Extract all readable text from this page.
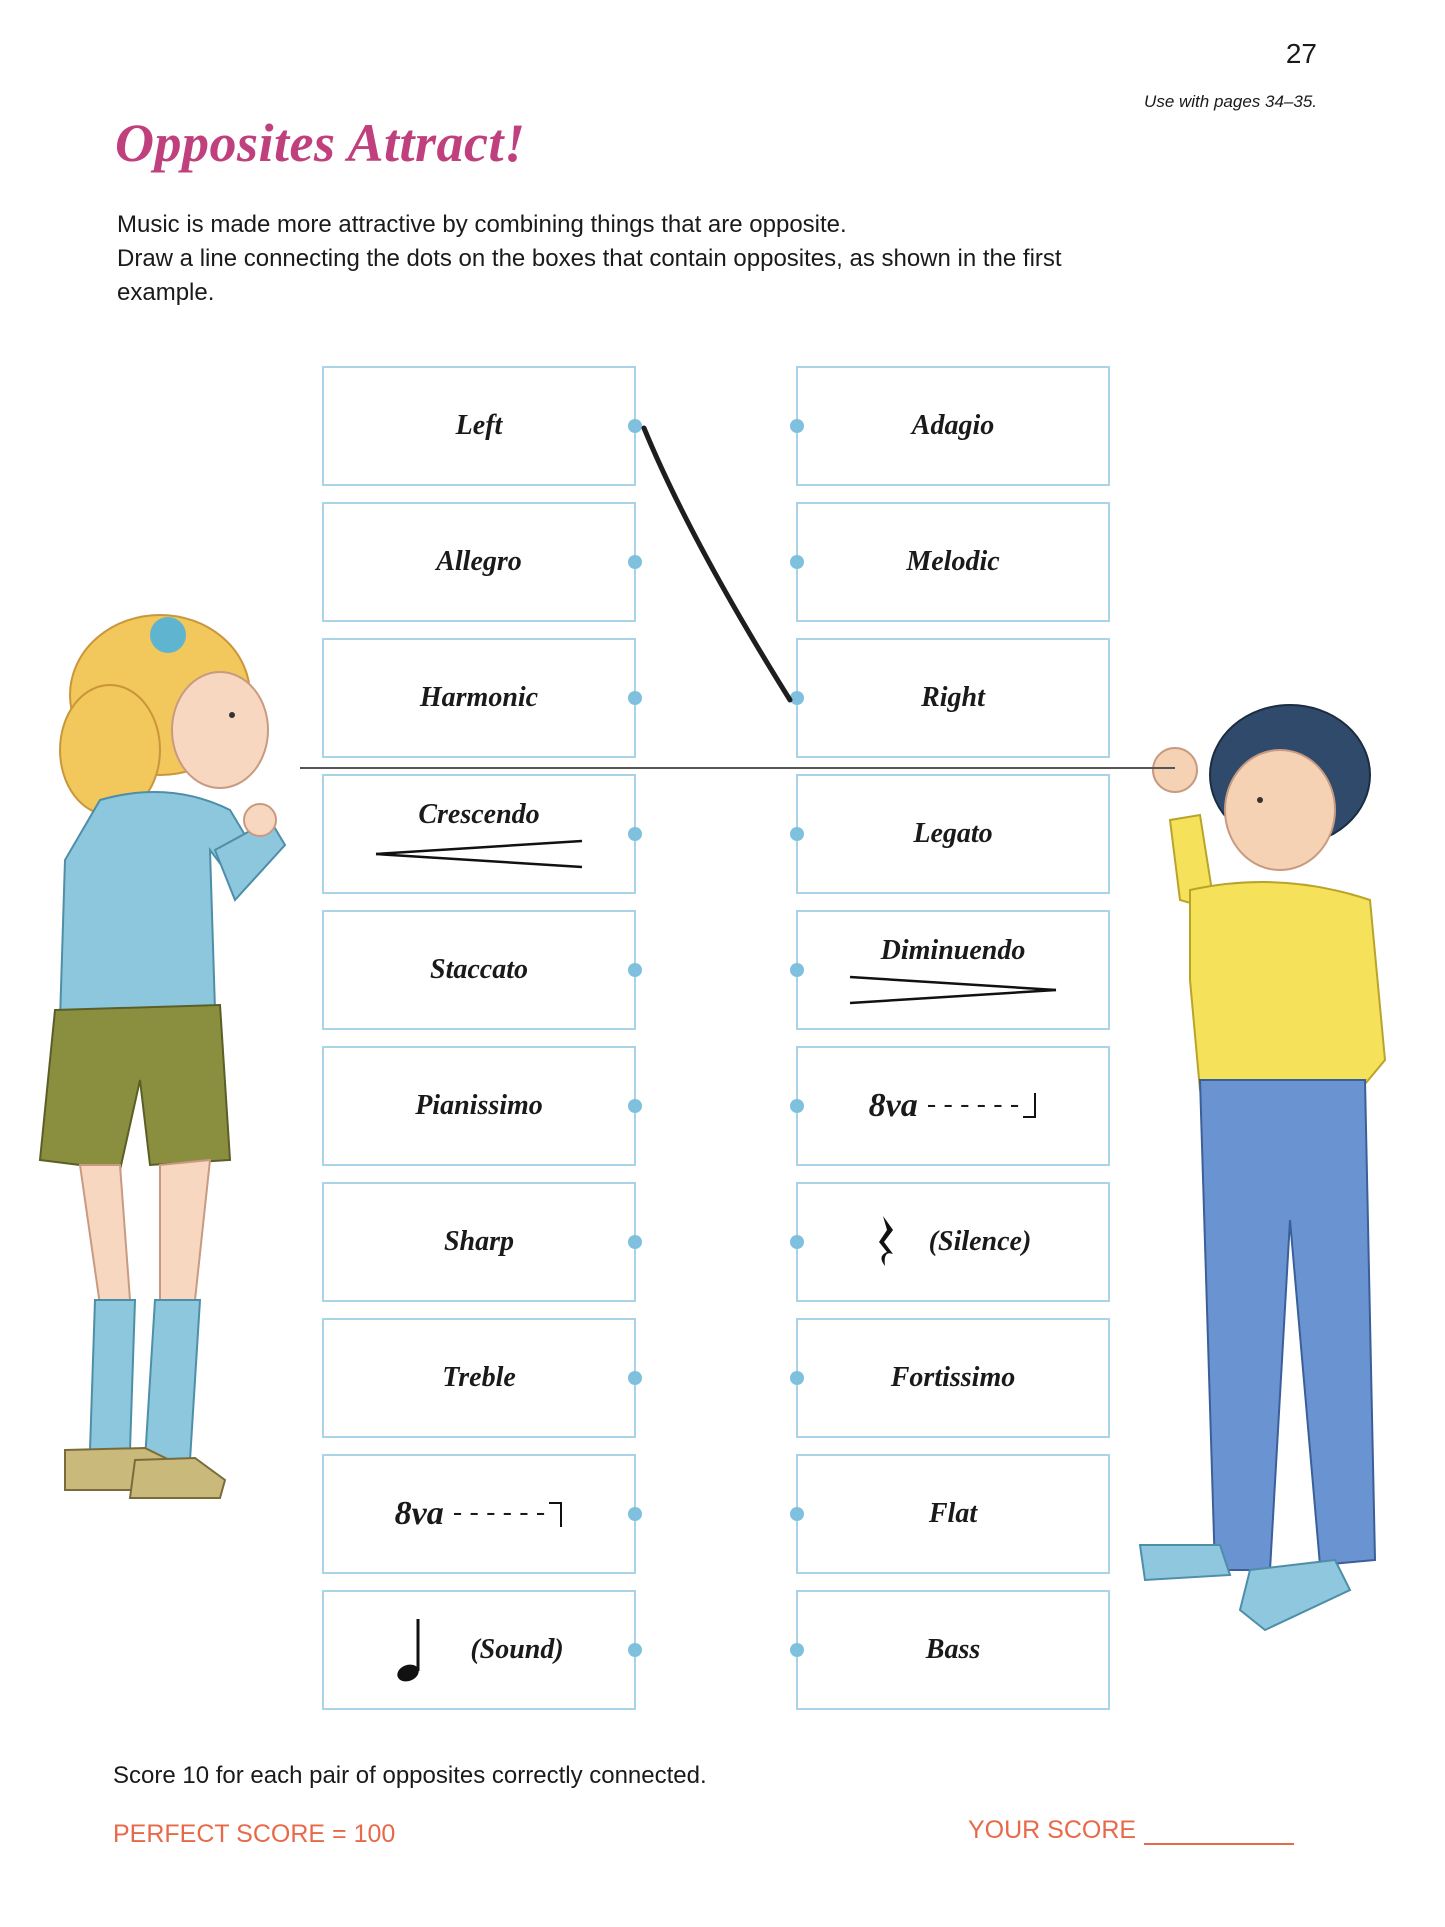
27
Use with pages 34–35.
Opposites Attract!

Music is made more attractive by combining things that are opposite.

Draw a line connecting the dots on the boxes that contain opposites, as shown in the first example.

Left
Allegro
Harmonic
Crescendo
Staccato
Pianissimo
Sharp
Treble
8va ------
(Sound)
Adagio
Melodic
Right
Legato
Diminuendo
8va ------
(Silence)
Fortissimo
Flat
Bass
Score 10 for each pair of opposites correctly connected.
PERFECT SCORE = 100	YOUR SCORE
